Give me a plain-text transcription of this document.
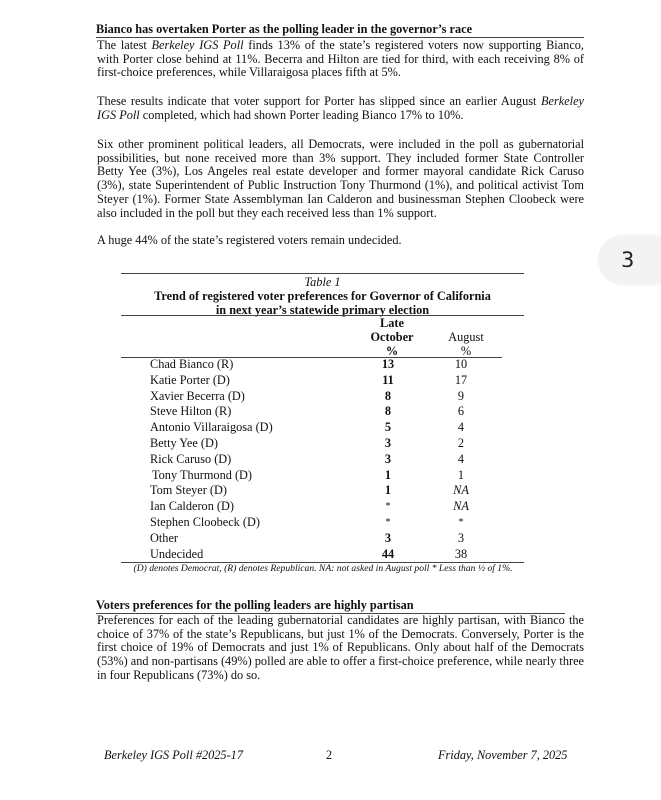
Bianco has overtaken Porter as the polling leader in the governor’s race

The latest Berkeley IGS Poll finds 13% of the state’s registered voters now supporting Bianco, with Porter close behind at 11%. Becerra and Hilton are tied for third, with each receiving 8% of first-choice preferences, while Villaraigosa places fifth at 5%.

These results indicate that voter support for Porter has slipped since an earlier August Berkeley IGS Poll completed, which had shown Porter leading Bianco 17% to 10%.

Six other prominent political leaders, all Democrats, were included in the poll as gubernatorial possibilities, but none received more than 3% support. They included former State Controller Betty Yee (3%), Los Angeles real estate developer and former mayoral candidate Rick Caruso (3%), state Superintendent of Public Instruction Tony Thurmond (1%), and political activist Tom Steyer (1%). Former State Assemblyman Ian Calderon and businessman Stephen Cloobeck were also included in the poll but they each received less than 1% support.

A huge 44% of the state’s registered voters remain undecided.

Table 1
Trend of registered voter preferences for Governor of California
in next year’s statewide primary election
Late
October
%
August
%
Chad Bianco (R)	13	10
Katie Porter (D)	11	17
Xavier Becerra (D)	8	9
Steve Hilton (R)	8	6
Antonio Villaraigosa (D)	5	4
Betty Yee (D)	3	2
Rick Caruso (D)	3	4
Tony Thurmond (D)	1	1
Tom Steyer (D)	1	NA
Ian Calderon (D)	*	NA
Stephen Cloobeck (D)	*	*
Other	3	3
Undecided	44	38
(D) denotes Democrat, (R) denotes Republican. NA: not asked in August poll * Less than ½ of 1%.
Voters preferences for the polling leaders are highly partisan

Preferences for each of the leading gubernatorial candidates are highly partisan, with Bianco the choice of 37% of the state’s Republicans, but just 1% of the Democrats. Conversely, Porter is the first choice of 19% of Democrats and just 1% of Republicans. Only about half of the Democrats (53%) and non-partisans (49%) polled are able to offer a first-choice preference, while nearly three in four Republicans (73%) do so.

Berkeley IGS Poll #2025-17	2	Friday, November 7, 2025
3
